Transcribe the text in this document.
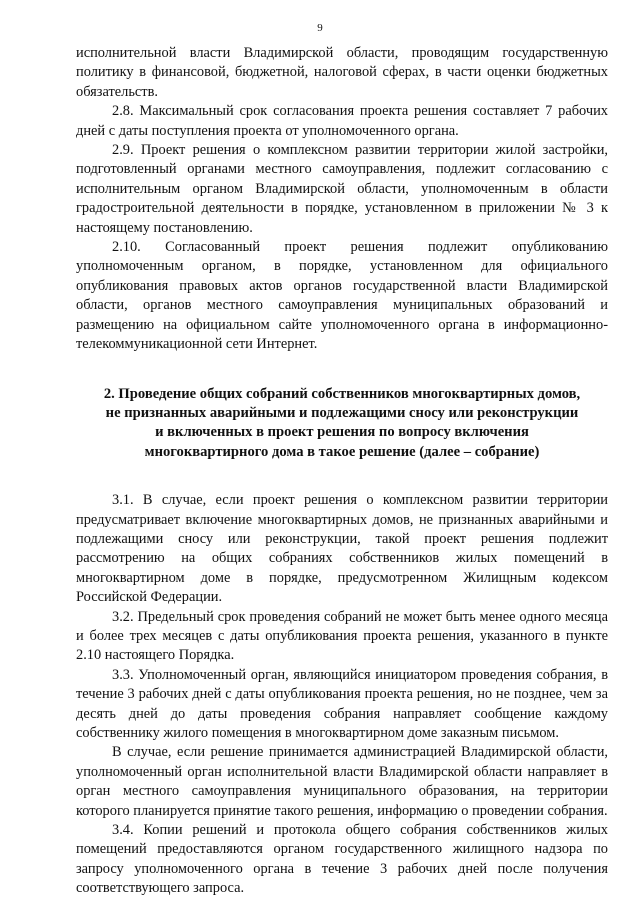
9

исполнительной власти Владимирской области, проводящим государственную политику в финансовой, бюджетной, налоговой сферах, в части оценки бюджетных обязательств.

2.8. Максимальный срок согласования проекта решения составляет 7 рабочих дней с даты поступления проекта от уполномоченного органа.

2.9. Проект решения о комплексном развитии территории жилой застройки, подготовленный органами местного самоуправления, подлежит согласованию с исполнительным органом Владимирской области, уполномоченным в области градостроительной деятельности в порядке, установленном в приложении № 3 к настоящему постановлению.

2.10. Согласованный проект решения подлежит опубликованию уполномоченным органом, в порядке, установленном для официального опубликования правовых актов органов государственной власти Владимирской области, органов местного самоуправления муниципальных образований и размещению на официальном сайте уполномоченного органа в информационно-телекоммуникационной сети Интернет.

2. Проведение общих собраний собственников многоквартирных домов,
не признанных аварийными и подлежащими сносу или реконструкции
и включенных в проект решения по вопросу включения
многоквартирного дома в такое решение (далее – собрание)

3.1. В случае, если проект решения о комплексном развитии территории предусматривает включение многоквартирных домов, не признанных аварийными и подлежащими сносу или реконструкции, такой проект решения подлежит рассмотрению на общих собраниях собственников жилых помещений в многоквартирном доме в порядке, предусмотренном Жилищным кодексом Российской Федерации.

3.2. Предельный срок проведения собраний не может быть менее одного месяца и более трех месяцев с даты опубликования проекта решения, указанного в пункте 2.10 настоящего Порядка.

3.3. Уполномоченный орган, являющийся инициатором проведения собрания, в течение 3 рабочих дней с даты опубликования проекта решения, но не позднее, чем за десять дней до даты проведения собрания направляет сообщение каждому собственнику жилого помещения в многоквартирном доме заказным письмом.

В случае, если решение принимается администрацией Владимирской области, уполномоченный орган исполнительной власти Владимирской области направляет в орган местного самоуправления муниципального образования, на территории которого планируется принятие такого решения, информацию о проведении собрания.

3.4. Копии решений и протокола общего собрания собственников жилых помещений предоставляются органом государственного жилищного надзора по запросу уполномоченного органа в течение 3 рабочих дней после получения соответствующего запроса.
